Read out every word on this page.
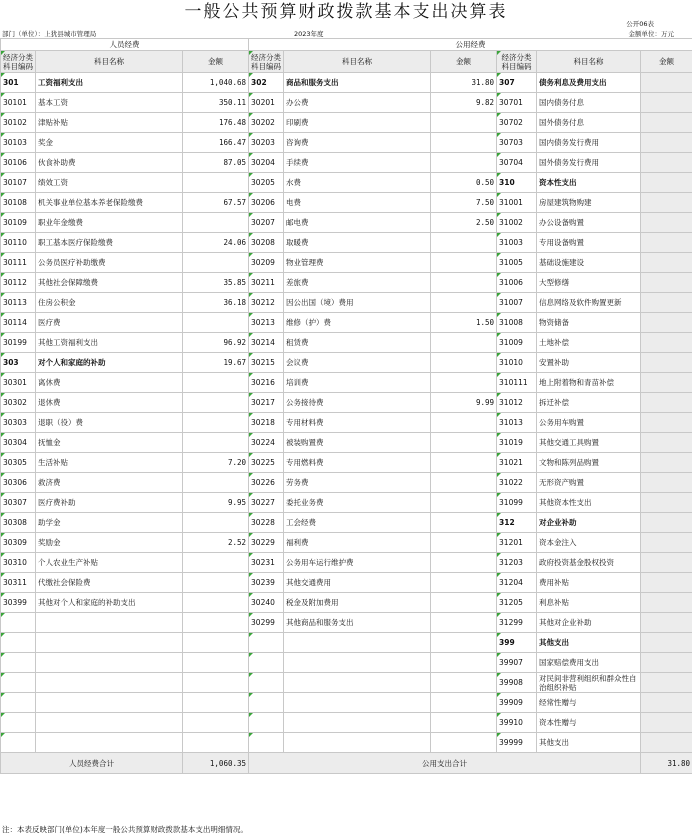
一般公共预算财政拨款基本支出决算表
公开06表
部门（单位）：上犹县城市管理局	2023年度	金额单位：万元
人员经费			公用经费					
经济分类科目编码	科目名称	金额	经济分类科目编码	科目名称	金额	经济分类科目编码	科目名称	金额
301	工资福利支出	1,040.68	302	商品和服务支出	31.80	307	债务利息及费用支出	
30101	基本工资	350.11	30201	办公费	9.82	30701	国内债务付息	
30102	津贴补贴	176.48	30202	印刷费		30702	国外债务付息	
30103	奖金	166.47	30203	咨询费		30703	国内债务发行费用	
30106	伙食补助费	87.05	30204	手续费		30704	国外债务发行费用	
30107	绩效工资		30205	水费	0.50	310	资本性支出	
30108	机关事业单位基本养老保险缴费	67.57	30206	电费	7.50	31001	房屋建筑物购建	
30109	职业年金缴费		30207	邮电费	2.50	31002	办公设备购置	
30110	职工基本医疗保险缴费	24.06	30208	取暖费		31003	专用设备购置	
30111	公务员医疗补助缴费		30209	物业管理费		31005	基础设施建设	
30112	其他社会保障缴费	35.85	30211	差旅费		31006	大型修缮	
30113	住房公积金	36.18	30212	因公出国（境）费用		31007	信息网络及软件购置更新	
30114	医疗费		30213	维修（护）费	1.50	31008	物资储备	
30199	其他工资福利支出	96.92	30214	租赁费		31009	土地补偿	
303	对个人和家庭的补助	19.67	30215	会议费		31010	安置补助	
30301	离休费		30216	培训费		310111	地上附着物和青苗补偿	
30302	退休费		30217	公务接待费	9.99	31012	拆迁补偿	
30303	退职（役）费		30218	专用材料费		31013	公务用车购置	
30304	抚恤金		30224	被装购置费		31019	其他交通工具购置	
30305	生活补贴	7.20	30225	专用燃料费		31021	文物和陈列品购置	
30306	救济费		30226	劳务费		31022	无形资产购置	
30307	医疗费补助	9.95	30227	委托业务费		31099	其他资本性支出	
30308	助学金		30228	工会经费		312	对企业补助	
30309	奖励金	2.52	30229	福利费		31201	资本金注入	
30310	个人农业生产补贴		30231	公务用车运行维护费		31203	政府投资基金股权投资	
30311	代缴社会保险费		30239	其他交通费用		31204	费用补贴	
30399	其他对个人和家庭的补助支出		30240	税金及附加费用		31205	利息补贴	
			30299	其他商品和服务支出		31299	其他对企业补助	
						399	其他支出	
						39907	国家赔偿费用支出	
						39908	对民间非营利组织和群众性自治组织补贴	
						39909	经常性赠与	
						39910	资本性赠与	
						39999	其他支出	
人员经费合计		1,060.35	公用支出合计					31.80
注：本表反映部门(单位)本年度一般公共预算财政拨款基本支出明细情况。
